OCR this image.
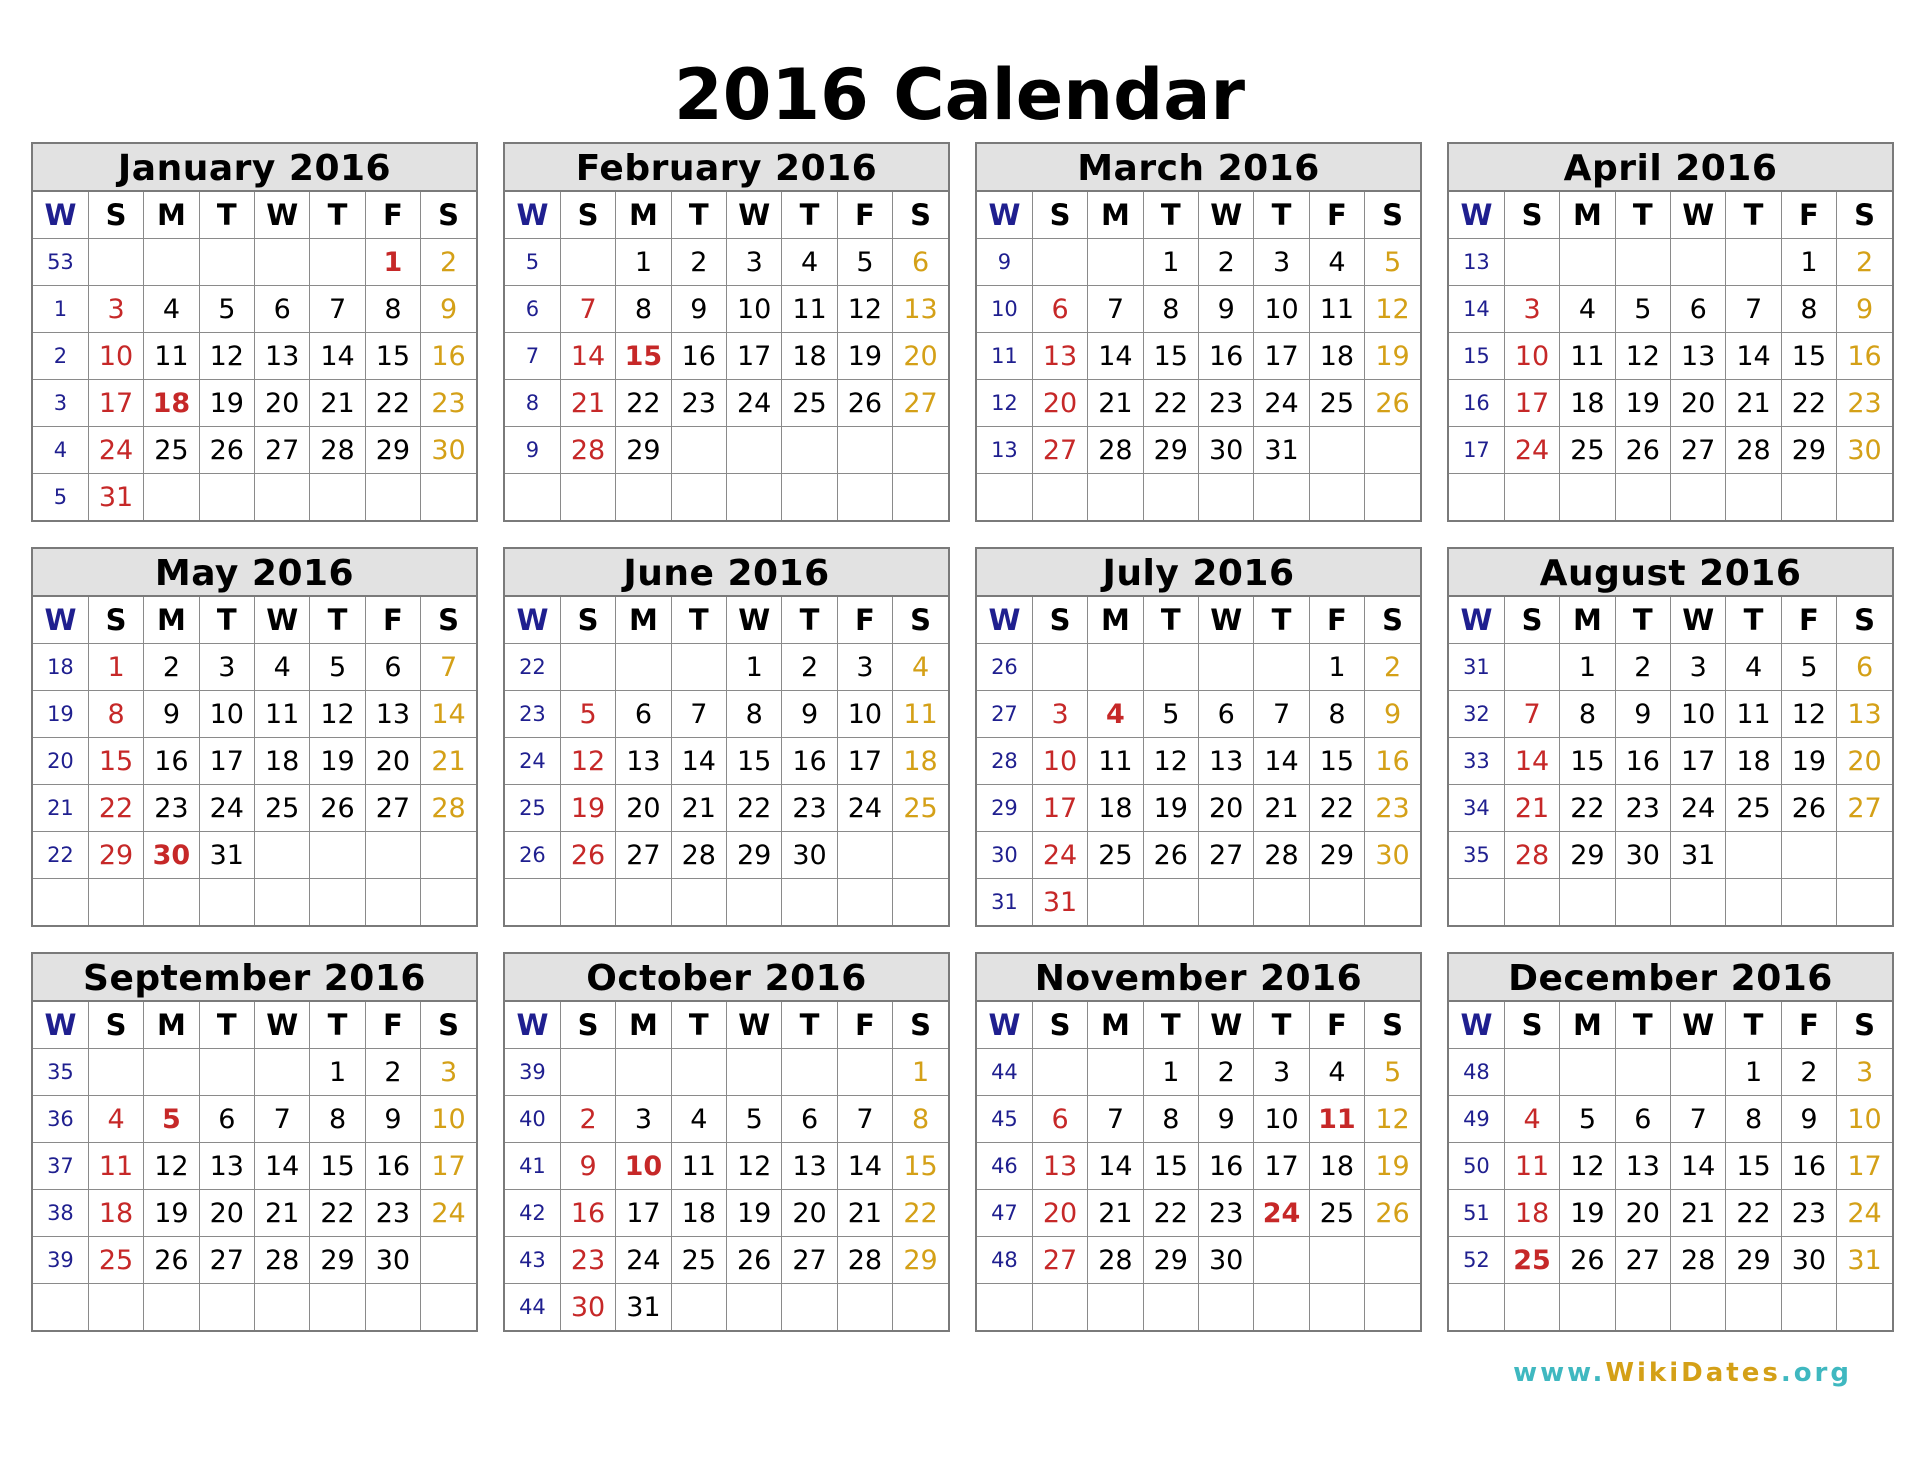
2016 Calendar
January 2016
W	S	M	T	W	T	F	S
53						1	2
1	3	4	5	6	7	8	9
2	10	11	12	13	14	15	16
3	17	18	19	20	21	22	23
4	24	25	26	27	28	29	30
5	31						
February 2016
W	S	M	T	W	T	F	S
5		1	2	3	4	5	6
6	7	8	9	10	11	12	13
7	14	15	16	17	18	19	20
8	21	22	23	24	25	26	27
9	28	29					

March 2016
W	S	M	T	W	T	F	S
9			1	2	3	4	5
10	6	7	8	9	10	11	12
11	13	14	15	16	17	18	19
12	20	21	22	23	24	25	26
13	27	28	29	30	31		

April 2016
W	S	M	T	W	T	F	S
13						1	2
14	3	4	5	6	7	8	9
15	10	11	12	13	14	15	16
16	17	18	19	20	21	22	23
17	24	25	26	27	28	29	30

May 2016
W	S	M	T	W	T	F	S
18	1	2	3	4	5	6	7
19	8	9	10	11	12	13	14
20	15	16	17	18	19	20	21
21	22	23	24	25	26	27	28
22	29	30	31				

June 2016
W	S	M	T	W	T	F	S
22				1	2	3	4
23	5	6	7	8	9	10	11
24	12	13	14	15	16	17	18
25	19	20	21	22	23	24	25
26	26	27	28	29	30		

July 2016
W	S	M	T	W	T	F	S
26						1	2
27	3	4	5	6	7	8	9
28	10	11	12	13	14	15	16
29	17	18	19	20	21	22	23
30	24	25	26	27	28	29	30
31	31						
August 2016
W	S	M	T	W	T	F	S
31		1	2	3	4	5	6
32	7	8	9	10	11	12	13
33	14	15	16	17	18	19	20
34	21	22	23	24	25	26	27
35	28	29	30	31			

September 2016
W	S	M	T	W	T	F	S
35					1	2	3
36	4	5	6	7	8	9	10
37	11	12	13	14	15	16	17
38	18	19	20	21	22	23	24
39	25	26	27	28	29	30	

October 2016
W	S	M	T	W	T	F	S
39							1
40	2	3	4	5	6	7	8
41	9	10	11	12	13	14	15
42	16	17	18	19	20	21	22
43	23	24	25	26	27	28	29
44	30	31					
November 2016
W	S	M	T	W	T	F	S
44			1	2	3	4	5
45	6	7	8	9	10	11	12
46	13	14	15	16	17	18	19
47	20	21	22	23	24	25	26
48	27	28	29	30			

December 2016
W	S	M	T	W	T	F	S
48					1	2	3
49	4	5	6	7	8	9	10
50	11	12	13	14	15	16	17
51	18	19	20	21	22	23	24
52	25	26	27	28	29	30	31

www.WikiDates.org
